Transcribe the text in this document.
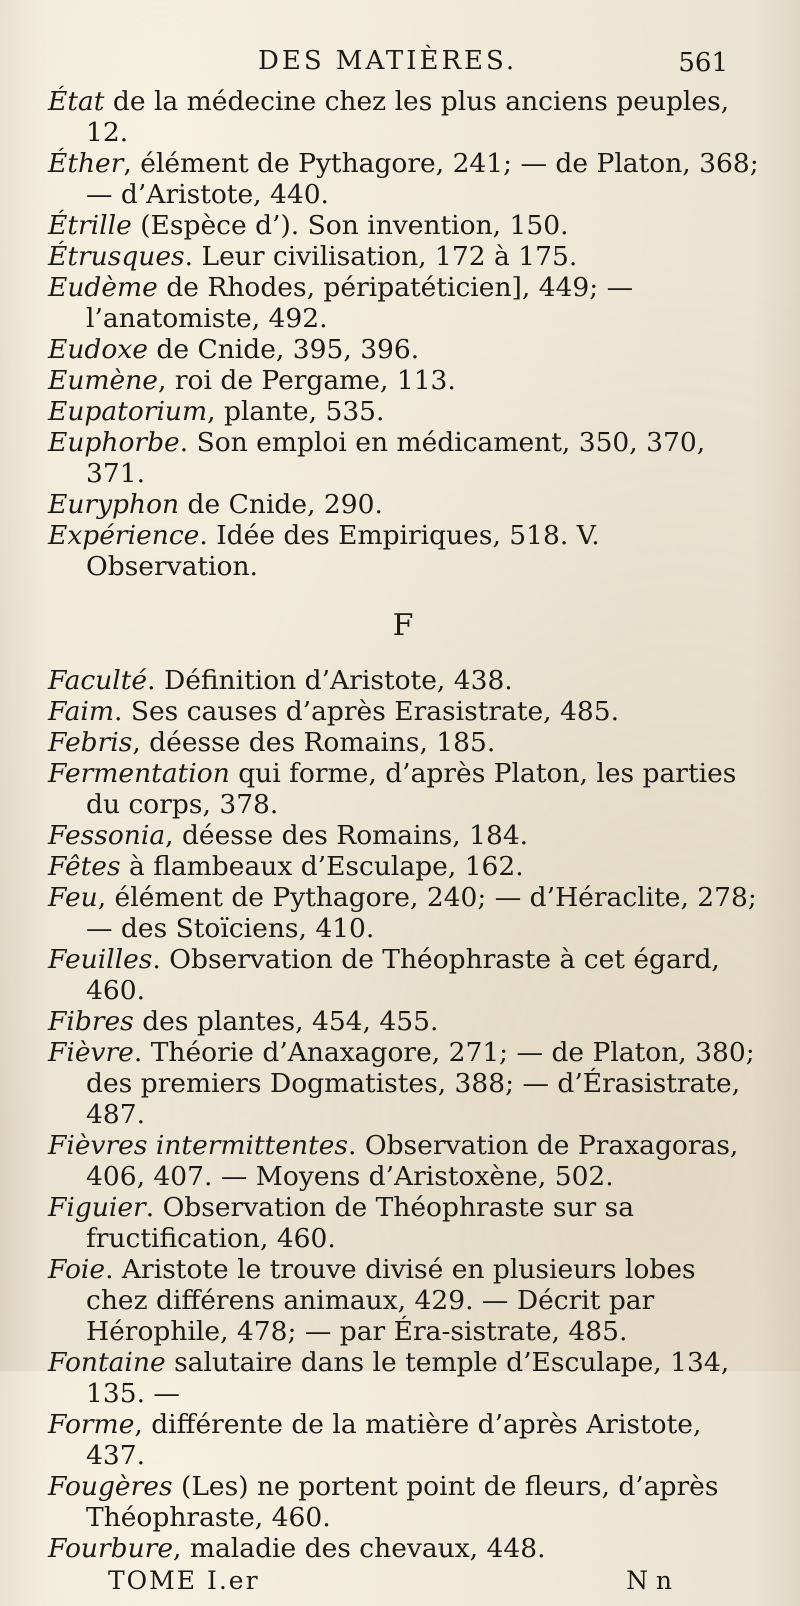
DES MATIÈRES.	561
État de la médecine chez les plus anciens peuples, 12.
Éther, élément de Pythagore, 241; — de Platon, 368; — d’Aristote, 440.
Étrille (Espèce d’). Son invention, 150.
Étrusques. Leur civilisation, 172 à 175.
Eudème de Rhodes, péripatéticien], 449; — l’anatomiste, 492.
Eudoxe de Cnide, 395, 396.
Eumène, roi de Pergame, 113.
Eupatorium, plante, 535.
Euphorbe. Son emploi en médicament, 350, 370, 371.
Euryphon de Cnide, 290.
Expérience. Idée des Empiriques, 518. V. Observation.
F
Faculté. Définition d’Aristote, 438.
Faim. Ses causes d’après Erasistrate, 485.
Febris, déesse des Romains, 185.
Fermentation qui forme, d’après Platon, les parties du corps, 378.
Fessonia, déesse des Romains, 184.
Fêtes à flambeaux d’Esculape, 162.
Feu, élément de Pythagore, 240; — d’Héraclite, 278; — des Stoïciens, 410.
Feuilles. Observation de Théophraste à cet égard, 460.
Fibres des plantes, 454, 455.
Fièvre. Théorie d’Anaxagore, 271; — de Platon, 380; des premiers Dogmatistes, 388; — d’Érasistrate, 487.
Fièvres intermittentes. Observation de Praxagoras, 406, 407. — Moyens d’Aristoxène, 502.
Figuier. Observation de Théophraste sur sa fructification, 460.
Foie. Aristote le trouve divisé en plusieurs lobes chez différens animaux, 429. — Décrit par Hérophile, 478; — par Éra-sistrate, 485.
Fontaine salutaire dans le temple d’Esculape, 134, 135. —
Forme, différente de la matière d’après Aristote, 437.
Fougères (Les) ne portent point de fleurs, d’après Théophraste, 460.
Fourbure, maladie des chevaux, 448.
TOME I.er	N n
